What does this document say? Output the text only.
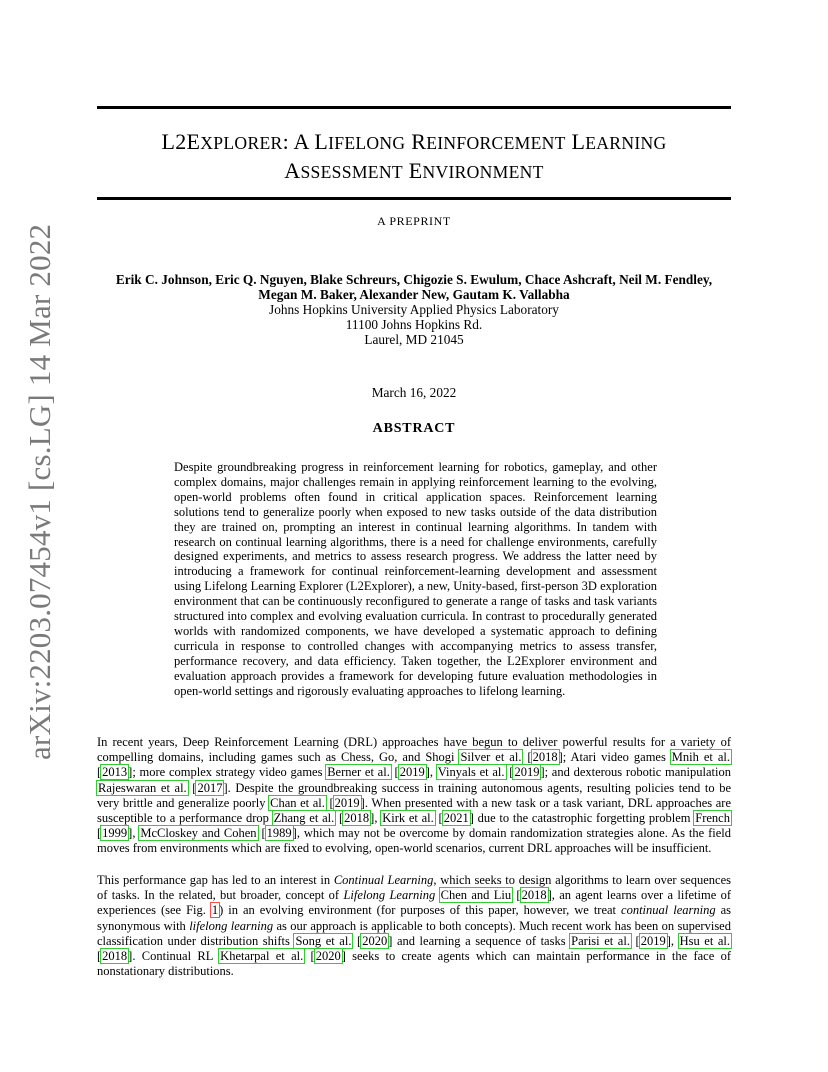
arXiv:2203.07454v1 [cs.LG] 14 Mar 2022
L2EXPLORER: A LIFELONG REINFORCEMENT LEARNING
ASSESSMENT ENVIRONMENT
A PREPRINT
Erik C. Johnson, Eric Q. Nguyen, Blake Schreurs, Chigozie S. Ewulum, Chace Ashcraft, Neil M. Fendley,
Megan M. Baker, Alexander New, Gautam K. Vallabha
Johns Hopkins University Applied Physics Laboratory
11100 Johns Hopkins Rd.
Laurel, MD 21045
March 16, 2022
ABSTRACT

Despite groundbreaking progress in reinforcement learning for robotics, gameplay, and other complex domains, major challenges remain in applying reinforcement learning to the evolving, open-world problems often found in critical application spaces. Reinforcement learning solutions tend to generalize poorly when exposed to new tasks outside of the data distribution they are trained on, prompting an interest in continual learning algorithms. In tandem with research on continual learning algorithms, there is a need for challenge environments, carefully designed experiments, and metrics to assess research progress. We address the latter need by introducing a framework for continual reinforcement-learning development and assessment using Lifelong Learning Explorer (L2Explorer), a new, Unity-based, first-person 3D exploration environment that can be continuously reconfigured to generate a range of tasks and task variants structured into complex and evolving evaluation curricula. In contrast to procedurally generated worlds with randomized components, we have developed a systematic approach to defining curricula in response to controlled changes with accompanying metrics to assess transfer, performance recovery, and data efficiency. Taken together, the L2Explorer environment and evaluation approach provides a framework for developing future evaluation methodologies in open-world settings and rigorously evaluating approaches to lifelong learning.

In recent years, Deep Reinforcement Learning (DRL) approaches have begun to deliver powerful results for a variety of compelling domains, including games such as Chess, Go, and Shogi Silver et al. [2018]; Atari video games Mnih et al. [2013]; more complex strategy video games Berner et al. [2019], Vinyals et al. [2019]; and dexterous robotic manipulation Rajeswaran et al. [2017]. Despite the groundbreaking success in training autonomous agents, resulting policies tend to be very brittle and generalize poorly Chan et al. [2019]. When presented with a new task or a task variant, DRL approaches are susceptible to a performance drop Zhang et al. [2018], Kirk et al. [2021] due to the catastrophic forgetting problem French [1999], McCloskey and Cohen [1989], which may not be overcome by domain randomization strategies alone. As the field moves from environments which are fixed to evolving, open-world scenarios, current DRL approaches will be insufficient.

This performance gap has led to an interest in Continual Learning, which seeks to design algorithms to learn over sequences of tasks. In the related, but broader, concept of Lifelong Learning Chen and Liu [2018], an agent learns over a lifetime of experiences (see Fig. 1) in an evolving environment (for purposes of this paper, however, we treat continual learning as synonymous with lifelong learning as our approach is applicable to both concepts). Much recent work has been on supervised classification under distribution shifts Song et al. [2020] and learning a sequence of tasks Parisi et al. [2019], Hsu et al. [2018]. Continual RL Khetarpal et al. [2020] seeks to create agents which can maintain performance in the face of nonstationary distributions.
